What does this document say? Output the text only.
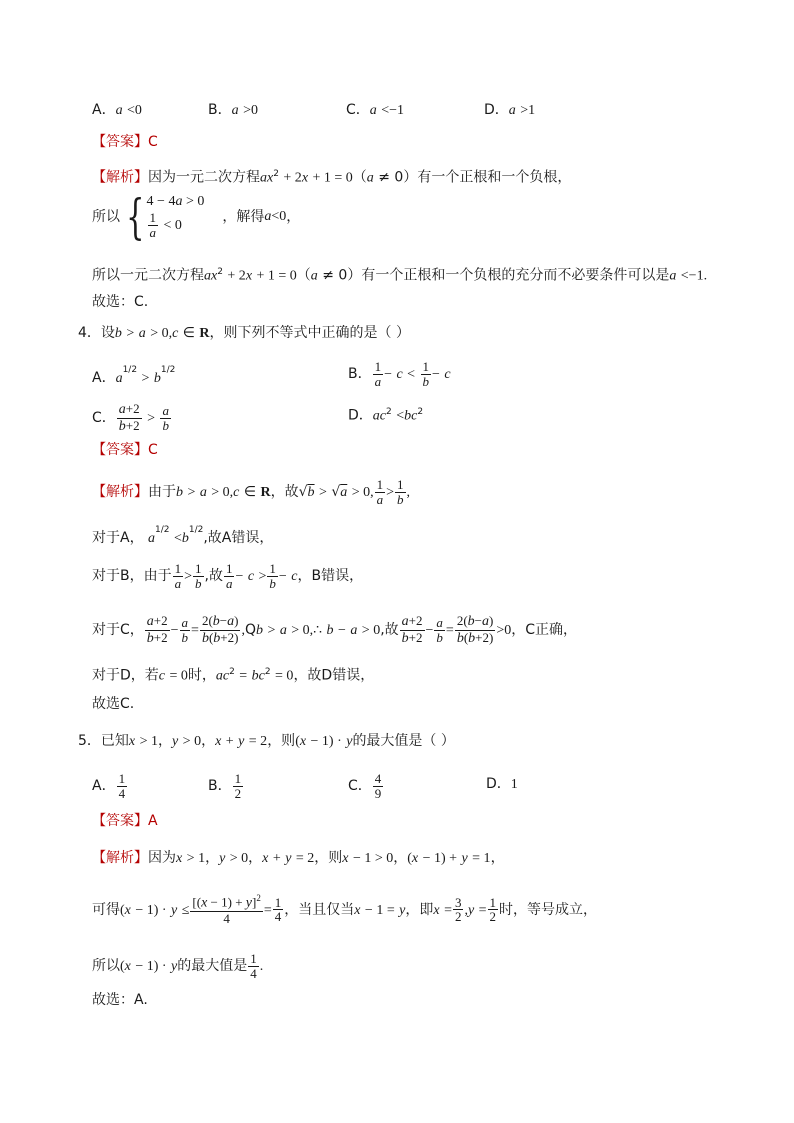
A．a <0	B．a >0	C．a <−1	D．a >1
【答案】C
【解析】因为一元二次方程$ax^2 + 2x + 1 = 0(a \ne 0)$有一个正根和一个负根，
所以 { 4 − 4a > 0
$\frac{1}{a} < 0$
，解得 a <0 ，
所以一元二次方程$ax^2 + 2x + 1 = 0(a \ne 0)$有一个正根和一个负根的充分而不必要条件可以是a <−1.
故选：C.
4．设b > a > 0,c ∈ R，则下列不等式中正确的是（ ）
A．$a^{1/2} > b^{1/2}$	B． $\frac{1}{a} - c < \frac{1}{b} - c$
C． $\frac{a+2}{b+2} > \frac{a}{b}$	D．$ac^2 <bc^2$
【答案】C
【解析】由于b > a > 0,c ∈ R，故√b > √a > 0, $\frac{1}{a} > \frac{1}{b}$ ,
对于A， $a^{1/2} <b^{1/2}$,故A错误，
对于B，由于 $\frac{1}{a} > \frac{1}{b}$ ,故 $\frac{1}{a} - c > \frac{1}{b} - c$，B错误，
对于C， $\frac{a+2}{b+2} - \frac{a}{b} = \frac{2(b-a)}{b(b+2)} ,Qb > a$ > 0,∴ b − a > 0,故 $\frac{a+2}{b+2} - \frac{a}{b} = \frac{2(b-a)}{b(b+2)} >0$，C正确，
对于D，若c = 0时，$ac^2 = bc^2 = 0$，故D错误，
故选C.
5．已知x > 1，y > 0，x + y = 2，则(x − 1) · y的最大值是（ ）
A． $\frac{1}{4}$	B． $\frac{1}{2}$	C． $\frac{4}{9}$	D．1
【答案】A
【解析】因为x > 1，y > 0，x + y = 2，则x − 1 > 0，(x − 1) + y = 1，
可得$(x - 1) \cdot y \le \frac{[(x - 1) + y]^2}{4} = \frac{1}{4}$ ，当且仅当x − 1 = y，即$x = \frac{3}{2} ,y = \frac{1}{2}$ 时，等号成立，
所以(x − 1) · y的最大值是 $\frac{1}{4}$ .
故选：A.
